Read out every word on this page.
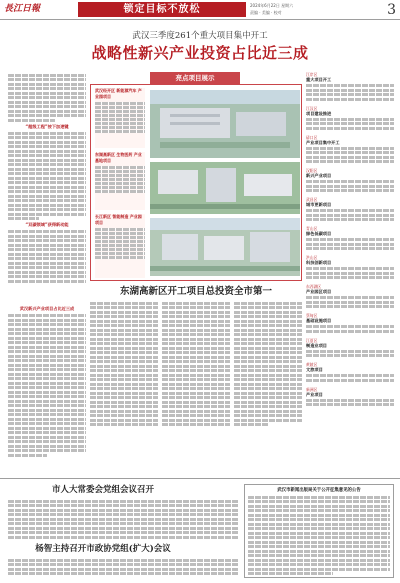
長江日報	锁定目标不放松	2024年6月22日 星期六
责编 · 美编 · 校对	3
武汉三季度261个重大项目集中开工
战略性新兴产业投资占比近三成
“超级工程”按下加速键
“双碳领域”获得新动能
武汉新兴产业项目占比近三成
亮点项目展示
武汉经开区 新能源汽车 产业园项目
东湖高新区 生物医药 产业基地项目
长江新区 智能制造 产业园项目
江岸区
重大项目开工
江汉区
项目建设推进
硚口区
产业项目集中开工
汉阳区
新兴产业项目
武昌区
城市更新项目
青山区
绿色低碳项目
洪山区
科技创新项目
东西湖区
产业园区项目
蔡甸区
基础设施项目
江夏区
制造业项目
黄陂区
文旅项目
新洲区
产业项目
东湖高新区开工项目总投资全市第一
市人大常委会党组会议召开
杨智主持召开市政协党组(扩大)会议
武汉市新闻出版局关于公开征集意见的公告
